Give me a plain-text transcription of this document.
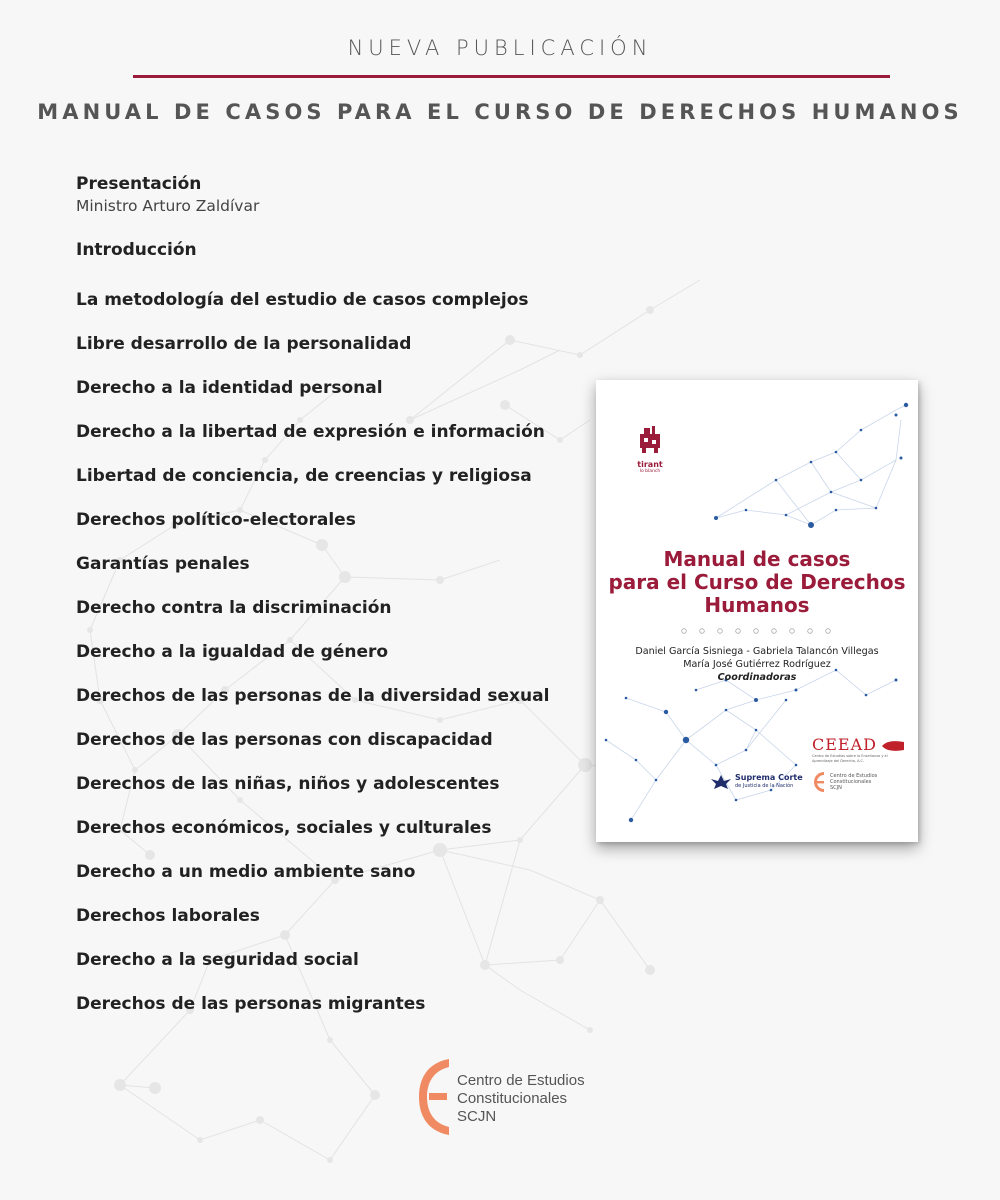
NUEVA PUBLICACIÓN
MANUAL DE CASOS PARA EL CURSO DE DERECHOS HUMANOS
Presentación
Ministro Arturo Zaldívar
Introducción
La metodología del estudio de casos complejos
Libre desarrollo de la personalidad
Derecho a la identidad personal
Derecho a la libertad de expresión e información
Libertad de conciencia, de creencias y religiosa
Derechos político-electorales
Garantías penales
Derecho contra la discriminación
Derecho a la igualdad de género
Derechos de las personas de la diversidad sexual
Derechos de las personas con discapacidad
Derechos de las niñas, niños y adolescentes
Derechos económicos, sociales y culturales
Derecho a un medio ambiente sano
Derechos laborales
Derecho a la seguridad social
Derechos de las personas migrantes
tirant
lo blanch
Manual de casos
para el Curso de Derechos
Humanos
Daniel García Sisniega - Gabriela Talancón Villegas
María José Gutiérrez Rodríguez
Coordinadoras
CEEAD
Centro de Estudios sobre la Enseñanza y el Aprendizaje del Derecho, A.C.
Suprema Corte
de Justicia de la Nación
Centro de Estudios
Constitucionales
SCJN
Centro de Estudios
Constitucionales
SCJN
